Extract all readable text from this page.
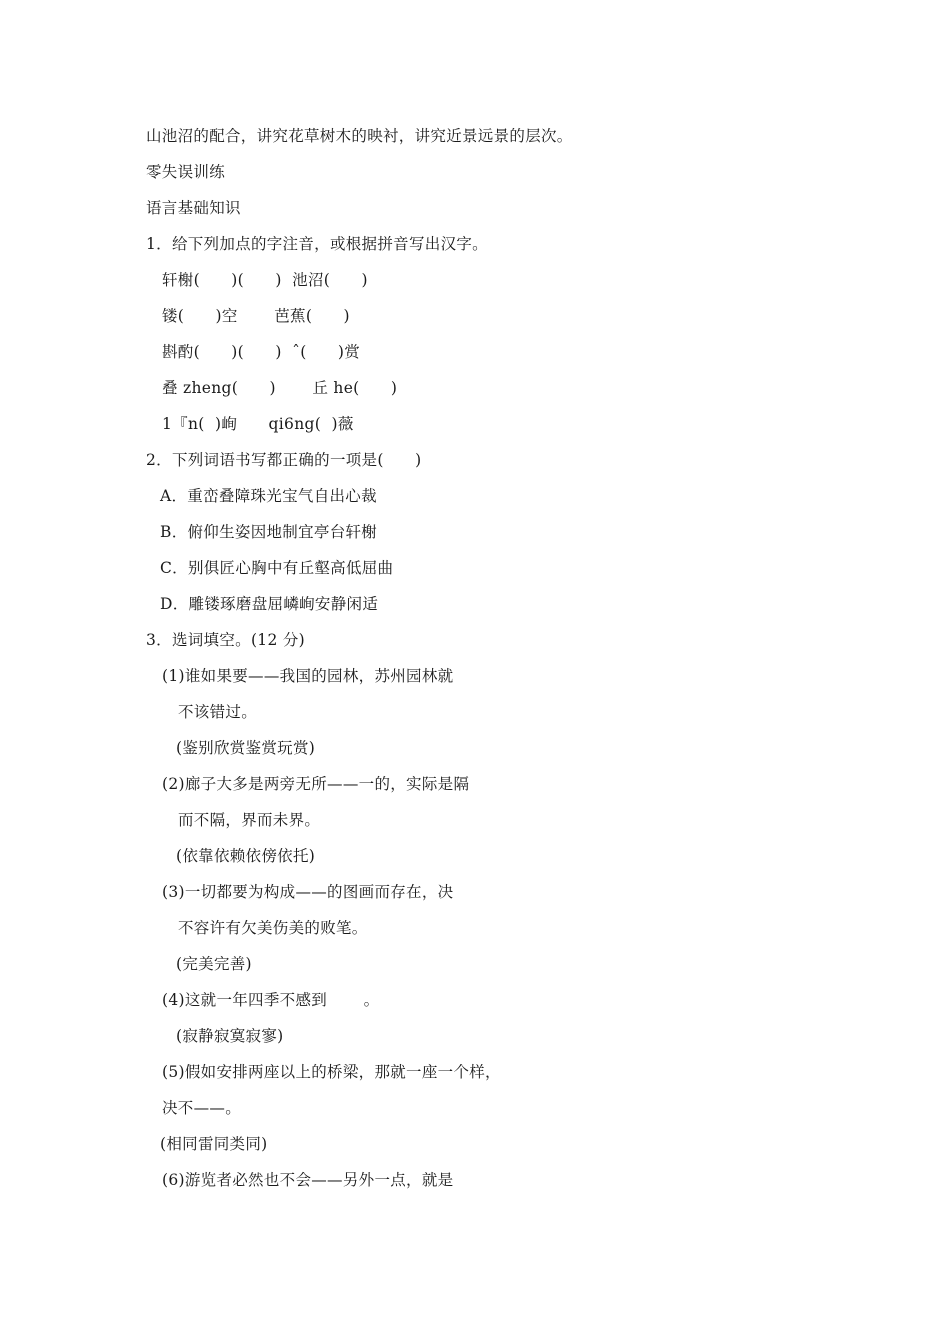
山池沼的配合，讲究花草树木的映衬，讲究近景远景的层次。
零失误训练
语言基础知识
1．给下列加点的字注音，或根据拼音写出汉字。
轩榭(      )(      )  池沼(      )
镂(      )空       芭蕉(      )
斟酌(      )(      )  ˆ(      )赏
叠 zheng(      )       丘 he(      )
1『n(  )峋      qi6ng(  )薇
2．下列词语书写都正确的一项是(      )
A．重峦叠障珠光宝气自出心裁
B．俯仰生姿因地制宜亭台轩榭
C．别俱匠心胸中有丘壑高低屈曲
D．雕镂琢磨盘屈嶙峋安静闲适
3．选词填空。(12 分)
(1)谁如果要——我国的园林，苏州园林就
不该错过。
(鉴别欣赏鉴赏玩赏)
(2)廊子大多是两旁无所——一的，实际是隔
而不隔，界而未界。
(依靠依赖依傍依托)
(3)一切都要为构成——的图画而存在，决
不容许有欠美伤美的败笔。
(完美完善)
(4)这就一年四季不感到       。
(寂静寂寞寂寥)
(5)假如安排两座以上的桥梁，那就一座一个样，
决不——。
(相同雷同类同)
(6)游览者必然也不会——另外一点，就是
